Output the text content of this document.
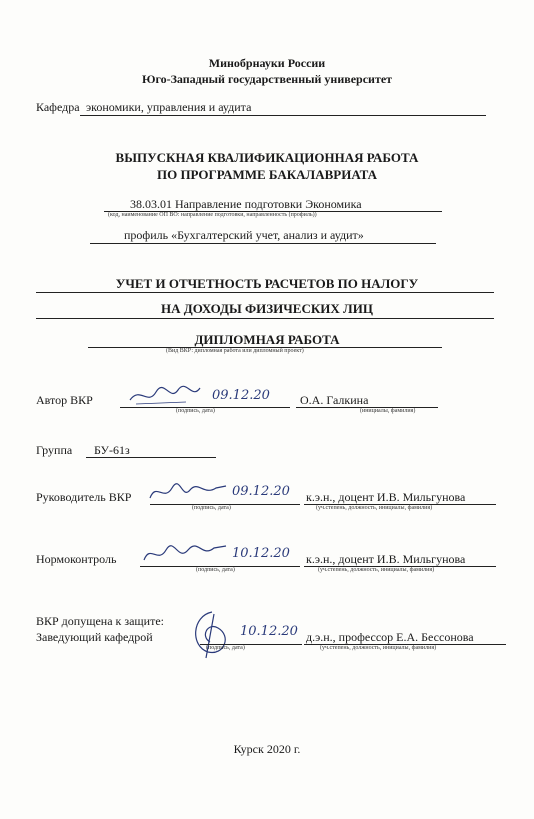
Минобрнауки России
Юго-Западный государственный университет
Кафедра экономики, управления и аудита
ВЫПУСКНАЯ КВАЛИФИКАЦИОННАЯ РАБОТА
ПО ПРОГРАММЕ БАКАЛАВРИАТА
38.03.01 Направление подготовки Экономика
(код, наименование ОП ВО: направление подготовки, направленность (профиль))
профиль «Бухгалтерский учет, анализ и аудит»
УЧЕТ И ОТЧЕТНОСТЬ РАСЧЕТОВ ПО НАЛОГУ
НА ДОХОДЫ ФИЗИЧЕСКИХ ЛИЦ
ДИПЛОМНАЯ РАБОТА
(Вид ВКР: дипломная работа или дипломный проект)
Автор ВКР	09.12.20	О.А. Галкина
(подпись, дата)	(инициалы, фамилия)
Группа БУ-61з
Руководитель ВКР	09.12.20 к.э.н., доцент И.В. Мильгунова
(подпись, дата)	(уч.степень, должность, инициалы, фамилия)
Нормоконтроль	10.12.20 к.э.н., доцент И.В. Мильгунова
(подпись, дата)	(уч.степень, должность, инициалы, фамилия)
ВКР допущена к защите:
Заведующий кафедрой	10.12.20 д.э.н., профессор Е.А. Бессонова
(подпись, дата)	(уч.степень, должность, инициалы, фамилия)
Курск 2020 г.
